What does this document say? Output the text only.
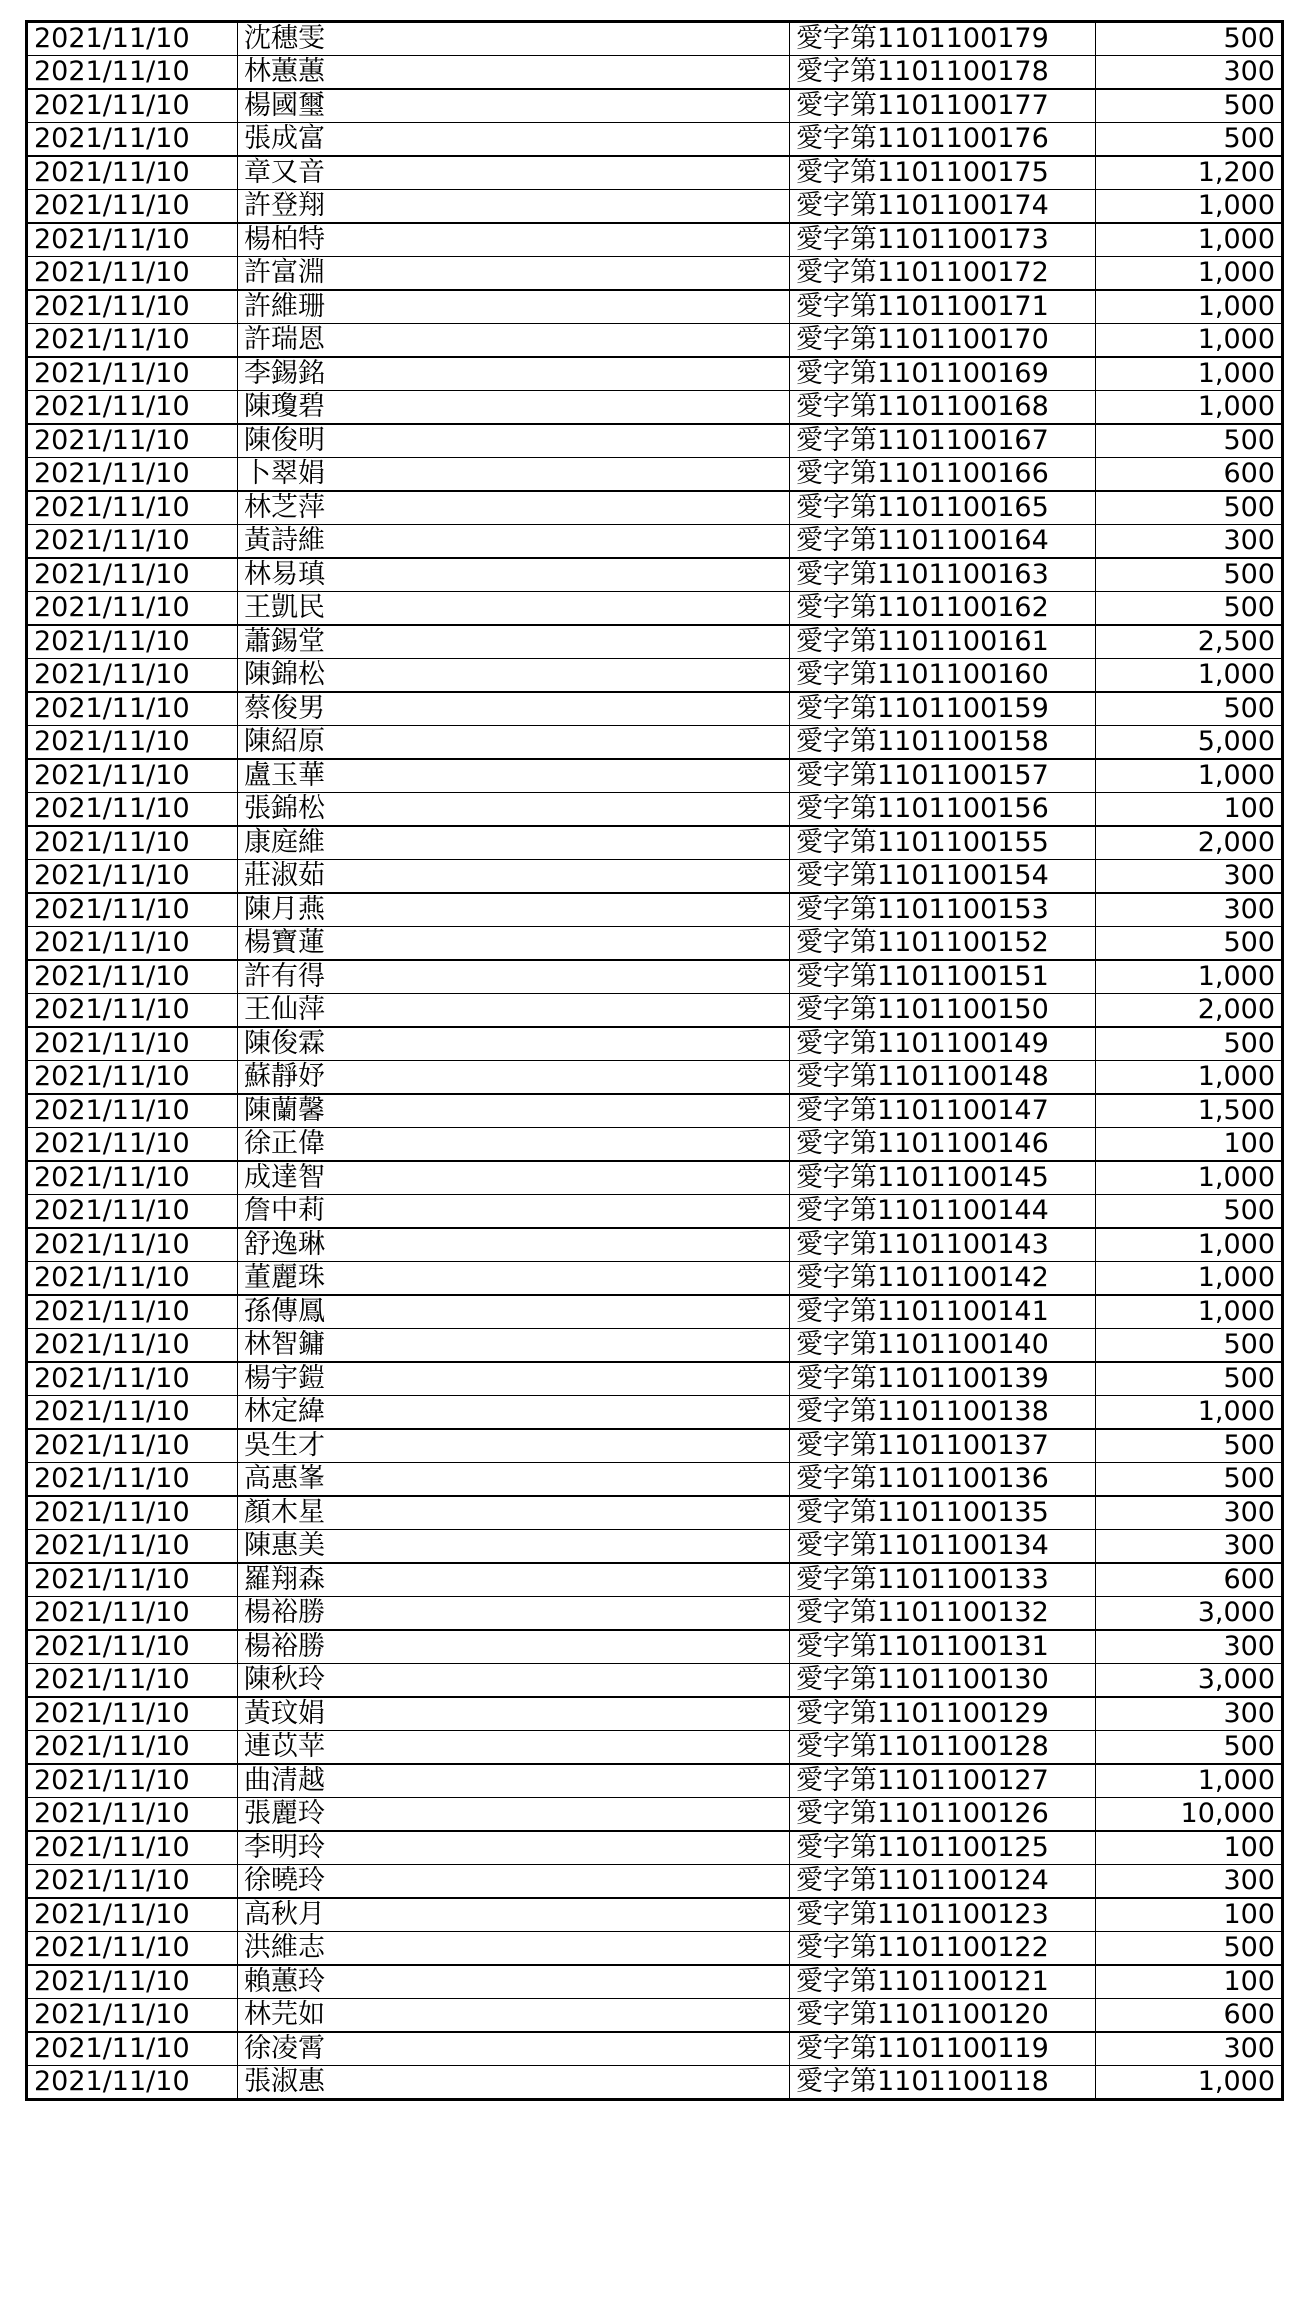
2021/11/10	沈穗雯	愛字第1101100179	500
2021/11/10	林蕙蕙	愛字第1101100178	300
2021/11/10	楊國璽	愛字第1101100177	500
2021/11/10	張成富	愛字第1101100176	500
2021/11/10	章又音	愛字第1101100175	1,200
2021/11/10	許登翔	愛字第1101100174	1,000
2021/11/10	楊柏特	愛字第1101100173	1,000
2021/11/10	許富淵	愛字第1101100172	1,000
2021/11/10	許維珊	愛字第1101100171	1,000
2021/11/10	許瑞恩	愛字第1101100170	1,000
2021/11/10	李錫銘	愛字第1101100169	1,000
2021/11/10	陳瓊碧	愛字第1101100168	1,000
2021/11/10	陳俊明	愛字第1101100167	500
2021/11/10	卜翠娟	愛字第1101100166	600
2021/11/10	林芝萍	愛字第1101100165	500
2021/11/10	黃詩維	愛字第1101100164	300
2021/11/10	林易瑱	愛字第1101100163	500
2021/11/10	王凱民	愛字第1101100162	500
2021/11/10	蕭錫堂	愛字第1101100161	2,500
2021/11/10	陳錦松	愛字第1101100160	1,000
2021/11/10	蔡俊男	愛字第1101100159	500
2021/11/10	陳紹原	愛字第1101100158	5,000
2021/11/10	盧玉華	愛字第1101100157	1,000
2021/11/10	張錦松	愛字第1101100156	100
2021/11/10	康庭維	愛字第1101100155	2,000
2021/11/10	莊淑茹	愛字第1101100154	300
2021/11/10	陳月燕	愛字第1101100153	300
2021/11/10	楊寶蓮	愛字第1101100152	500
2021/11/10	許有得	愛字第1101100151	1,000
2021/11/10	王仙萍	愛字第1101100150	2,000
2021/11/10	陳俊霖	愛字第1101100149	500
2021/11/10	蘇靜妤	愛字第1101100148	1,000
2021/11/10	陳蘭馨	愛字第1101100147	1,500
2021/11/10	徐正偉	愛字第1101100146	100
2021/11/10	成達智	愛字第1101100145	1,000
2021/11/10	詹中莉	愛字第1101100144	500
2021/11/10	舒逸琳	愛字第1101100143	1,000
2021/11/10	董麗珠	愛字第1101100142	1,000
2021/11/10	孫傳鳳	愛字第1101100141	1,000
2021/11/10	林智鏞	愛字第1101100140	500
2021/11/10	楊宇鎧	愛字第1101100139	500
2021/11/10	林定緯	愛字第1101100138	1,000
2021/11/10	吳生才	愛字第1101100137	500
2021/11/10	高惠峯	愛字第1101100136	500
2021/11/10	顏木星	愛字第1101100135	300
2021/11/10	陳惠美	愛字第1101100134	300
2021/11/10	羅翔森	愛字第1101100133	600
2021/11/10	楊裕勝	愛字第1101100132	3,000
2021/11/10	楊裕勝	愛字第1101100131	300
2021/11/10	陳秋玲	愛字第1101100130	3,000
2021/11/10	黃玟娟	愛字第1101100129	300
2021/11/10	連苡苹	愛字第1101100128	500
2021/11/10	曲清越	愛字第1101100127	1,000
2021/11/10	張麗玲	愛字第1101100126	10,000
2021/11/10	李明玲	愛字第1101100125	100
2021/11/10	徐曉玲	愛字第1101100124	300
2021/11/10	高秋月	愛字第1101100123	100
2021/11/10	洪維志	愛字第1101100122	500
2021/11/10	賴蕙玲	愛字第1101100121	100
2021/11/10	林芫如	愛字第1101100120	600
2021/11/10	徐凌霄	愛字第1101100119	300
2021/11/10	張淑惠	愛字第1101100118	1,000
